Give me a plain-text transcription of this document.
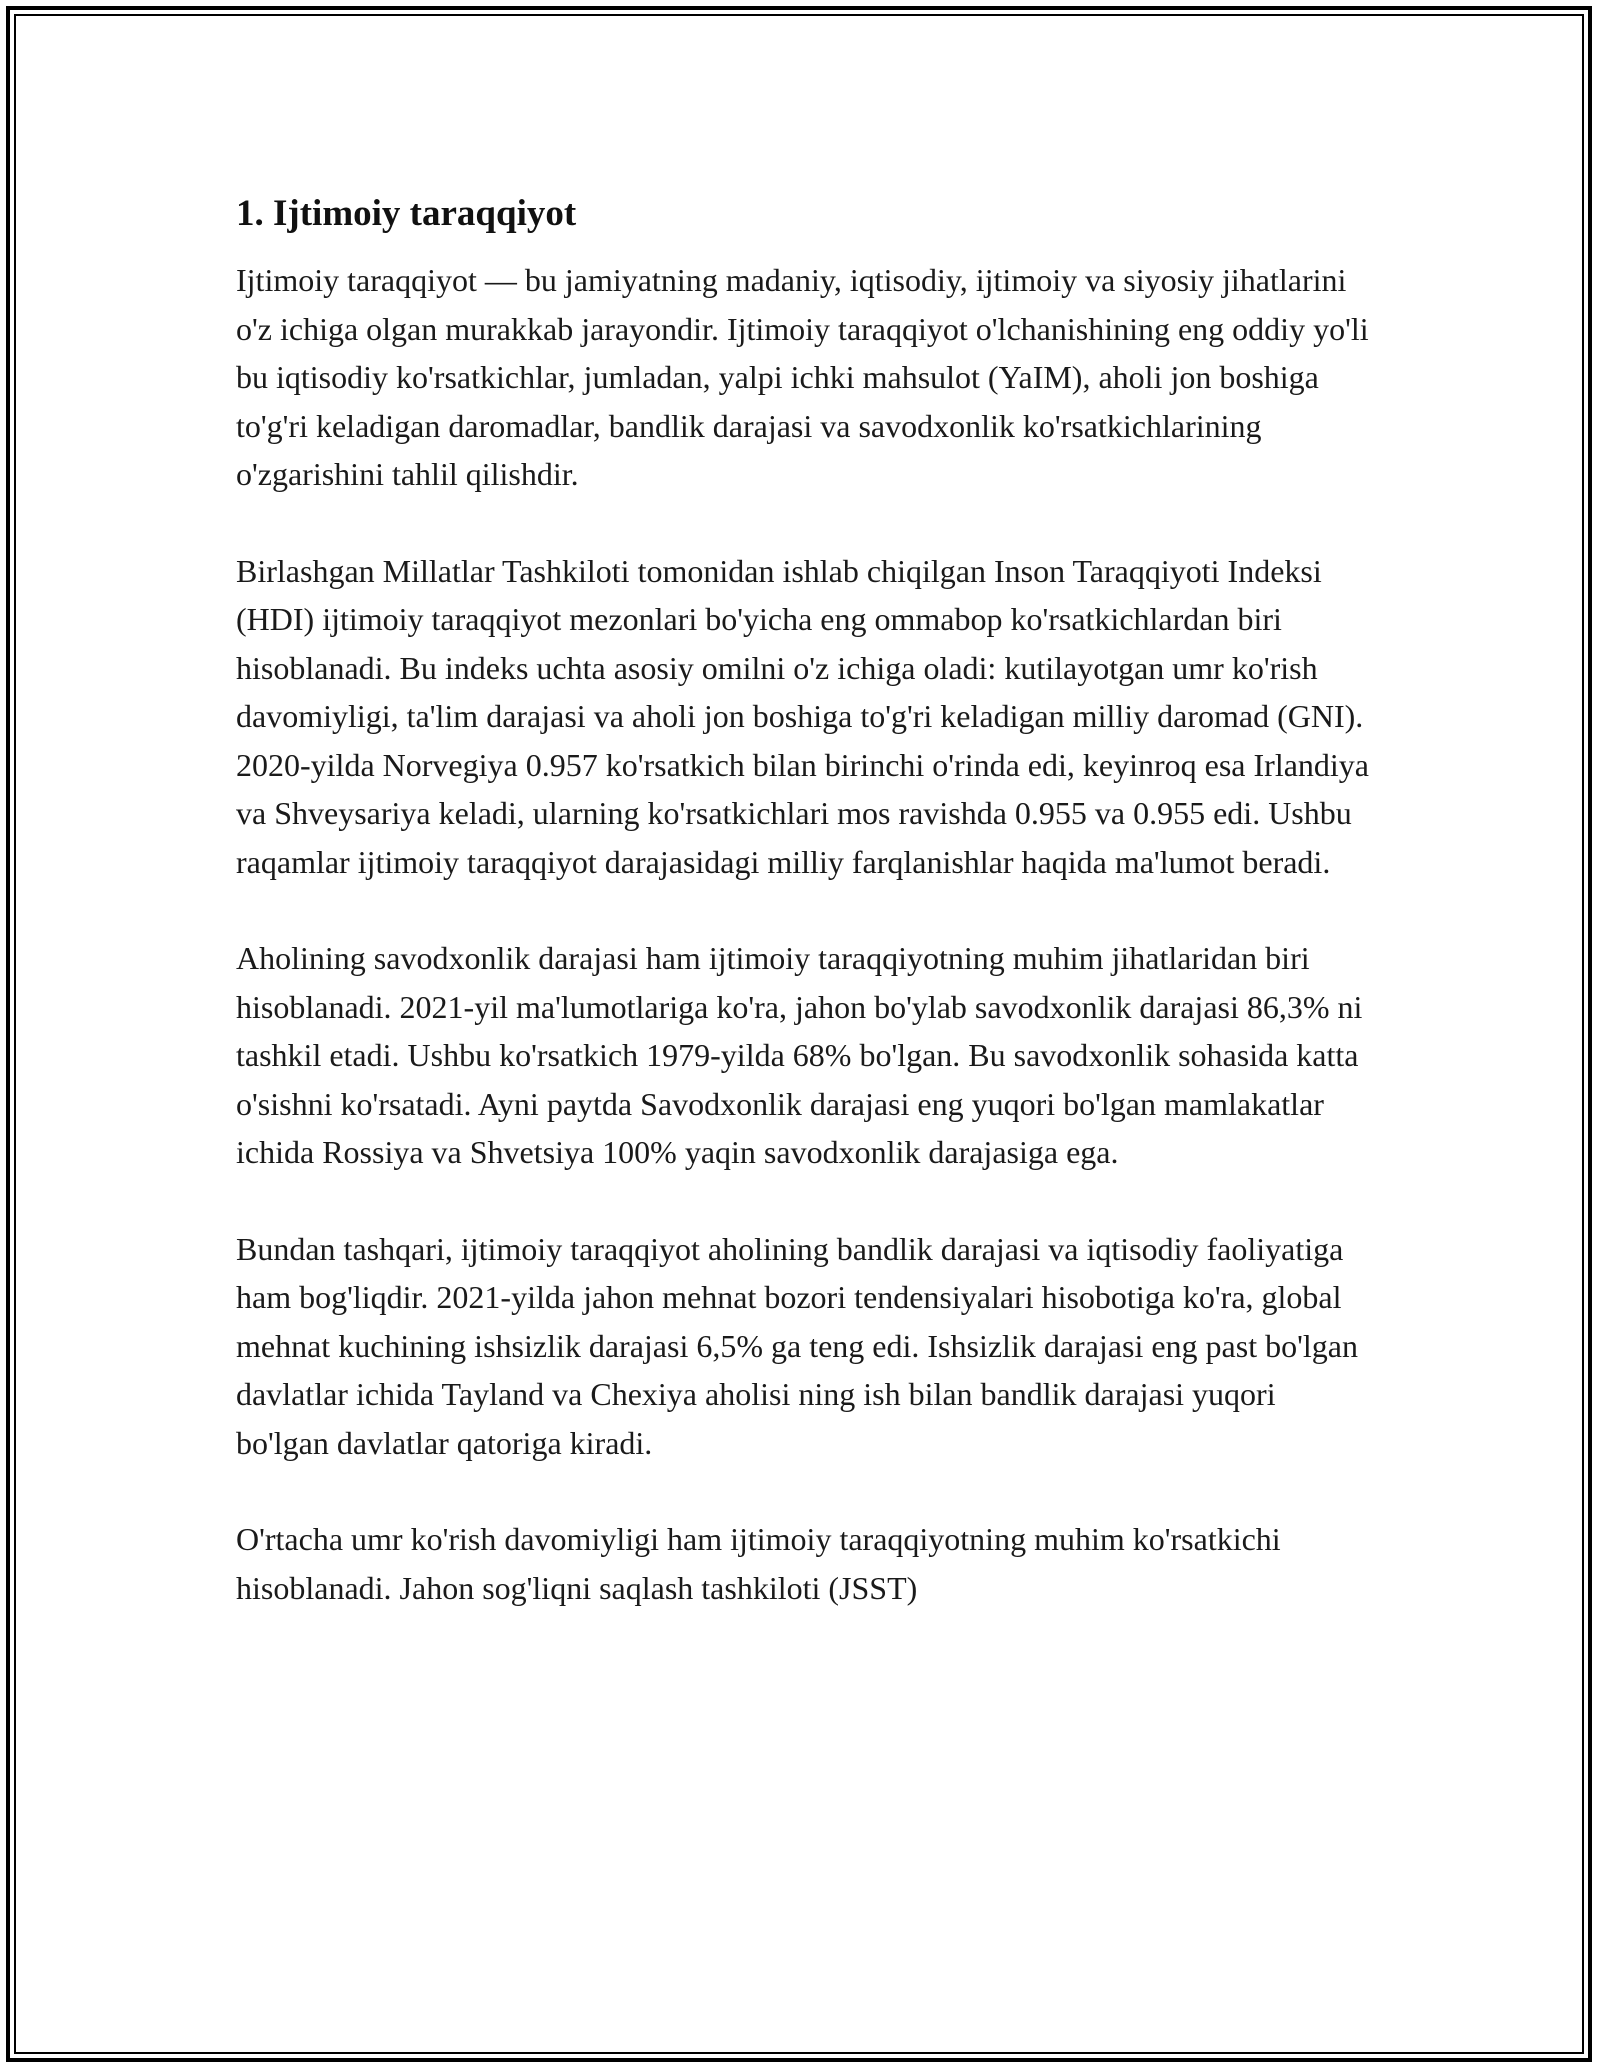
1. Ijtimoiy taraqqiyot

Ijtimoiy taraqqiyot — bu jamiyatning madaniy, iqtisodiy, ijtimoiy va siyosiy jihatlarini o'z ichiga olgan murakkab jarayondir. Ijtimoiy taraqqiyot o'lchanishining eng oddiy yo'li bu iqtisodiy ko'rsatkichlar, jumladan, yalpi ichki mahsulot (YaIM), aholi jon boshiga to'g'ri keladigan daromadlar, bandlik darajasi va savodxonlik ko'rsatkichlarining o'zgarishini tahlil qilishdir.

Birlashgan Millatlar Tashkiloti tomonidan ishlab chiqilgan Inson Taraqqiyoti Indeksi (HDI) ijtimoiy taraqqiyot mezonlari bo'yicha eng ommabop ko'rsatkichlardan biri hisoblanadi. Bu indeks uchta asosiy omilni o'z ichiga oladi: kutilayotgan umr ko'rish davomiyligi, ta'lim darajasi va aholi jon boshiga to'g'ri keladigan milliy daromad (GNI). 2020-yilda Norvegiya 0.957 ko'rsatkich bilan birinchi o'rinda edi, keyinroq esa Irlandiya va Shveysariya keladi, ularning ko'rsatkichlari mos ravishda 0.955 va 0.955 edi. Ushbu raqamlar ijtimoiy taraqqiyot darajasidagi milliy farqlanishlar haqida ma'lumot beradi.

Aholining savodxonlik darajasi ham ijtimoiy taraqqiyotning muhim jihatlaridan biri hisoblanadi. 2021-yil ma'lumotlariga ko'ra, jahon bo'ylab savodxonlik darajasi 86,3% ni tashkil etadi. Ushbu ko'rsatkich 1979-yilda 68% bo'lgan. Bu savodxonlik sohasida katta o'sishni ko'rsatadi. Ayni paytda Savodxonlik darajasi eng yuqori bo'lgan mamlakatlar ichida Rossiya va Shvetsiya 100% yaqin savodxonlik darajasiga ega.

Bundan tashqari, ijtimoiy taraqqiyot aholining bandlik darajasi va iqtisodiy faoliyatiga ham bog'liqdir. 2021-yilda jahon mehnat bozori tendensiyalari hisobotiga ko'ra, global mehnat kuchining ishsizlik darajasi 6,5% ga teng edi. Ishsizlik darajasi eng past bo'lgan davlatlar ichida Tayland va Chexiya aholisi ning ish bilan bandlik darajasi yuqori bo'lgan davlatlar qatoriga kiradi.

O'rtacha umr ko'rish davomiyligi ham ijtimoiy taraqqiyotning muhim ko'rsatkichi hisoblanadi. Jahon sog'liqni saqlash tashkiloti (JSST)
